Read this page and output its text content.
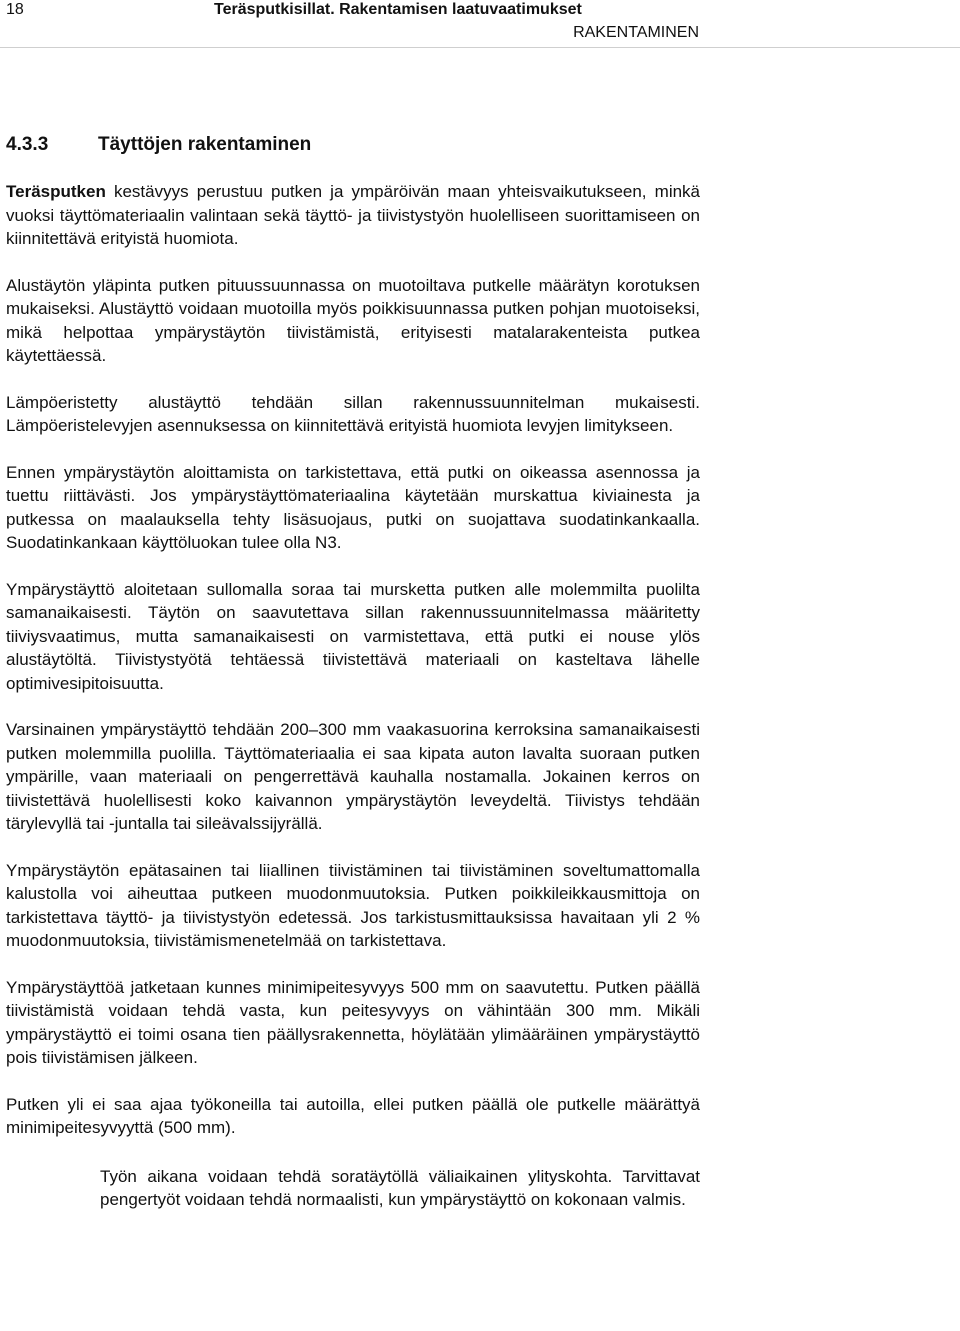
18	Teräsputkisillat. Rakentamisen laatuvaatimukset
RAKENTAMINEN
4.3.3	Täyttöjen rakentaminen

Teräsputken kestävyys perustuu putken ja ympäröivän maan yhteisvaikutukseen, minkä vuoksi täyttömateriaalin valintaan sekä täyttö- ja tiivistystyön huolelliseen suorittamiseen on kiinnitettävä erityistä huomiota.

Alustäytön yläpinta putken pituussuunnassa on muotoiltava putkelle määrätyn korotuksen mukaiseksi. Alustäyttö voidaan muotoilla myös poikkisuunnassa putken pohjan muotoiseksi, mikä helpottaa ympärystäytön tiivistämistä, erityisesti matalarakenteista putkea käytettäessä.

Lämpöeristetty alustäyttö tehdään sillan rakennussuunnitelman mukaisesti. Lämpöeristelevyjen asennuksessa on kiinnitettävä erityistä huomiota levyjen limitykseen.

Ennen ympärystäytön aloittamista on tarkistettava, että putki on oikeassa asennossa ja tuettu riittävästi. Jos ympärystäyttömateriaalina käytetään murskattua kiviainesta ja putkessa on maalauksella tehty lisäsuojaus, putki on suojattava suodatinkankaalla. Suodatinkankaan käyttöluokan tulee olla N3.

Ympärystäyttö aloitetaan sullomalla soraa tai mursketta putken alle molemmilta puolilta samanaikaisesti. Täytön on saavutettava sillan rakennussuunnitelmassa määritetty tiiviysvaatimus, mutta samanaikaisesti on varmistettava, että putki ei nouse ylös alustäytöltä. Tiivistystyötä tehtäessä tiivistettävä materiaali on kasteltava lähelle optimivesipitoisuutta.

Varsinainen ympärystäyttö tehdään 200–300 mm vaakasuorina kerroksina samanaikaisesti putken molemmilla puolilla. Täyttömateriaalia ei saa kipata auton lavalta suoraan putken ympärille, vaan materiaali on pengerrettävä kauhalla nostamalla. Jokainen kerros on tiivistettävä huolellisesti koko kaivannon ympärystäytön leveydeltä. Tiivistys tehdään tärylevyllä tai -juntalla tai sileävalssijyrällä.

Ympärystäytön epätasainen tai liiallinen tiivistäminen tai tiivistäminen soveltumattomalla kalustolla voi aiheuttaa putkeen muodonmuutoksia. Putken poikkileikkausmittoja on tarkistettava täyttö- ja tiivistystyön edetessä. Jos tarkistusmittauksissa havaitaan yli 2 % muodonmuutoksia, tiivistämismenetelmää on tarkistettava.

Ympärystäyttöä jatketaan kunnes minimipeitesyvyys 500 mm on saavutettu. Putken päällä tiivistämistä voidaan tehdä vasta, kun peitesyvyys on vähintään 300 mm. Mikäli ympärystäyttö ei toimi osana tien päällysrakennetta, höylätään ylimääräinen ympärystäyttö pois tiivistämisen jälkeen.

Putken yli ei saa ajaa työkoneilla tai autoilla, ellei putken päällä ole putkelle määrättyä minimipeitesyvyyttä (500 mm).

Työn aikana voidaan tehdä soratäytöllä väliaikainen ylityskohta. Tarvittavat pengertyöt voidaan tehdä normaalisti, kun ympärystäyttö on kokonaan valmis.
